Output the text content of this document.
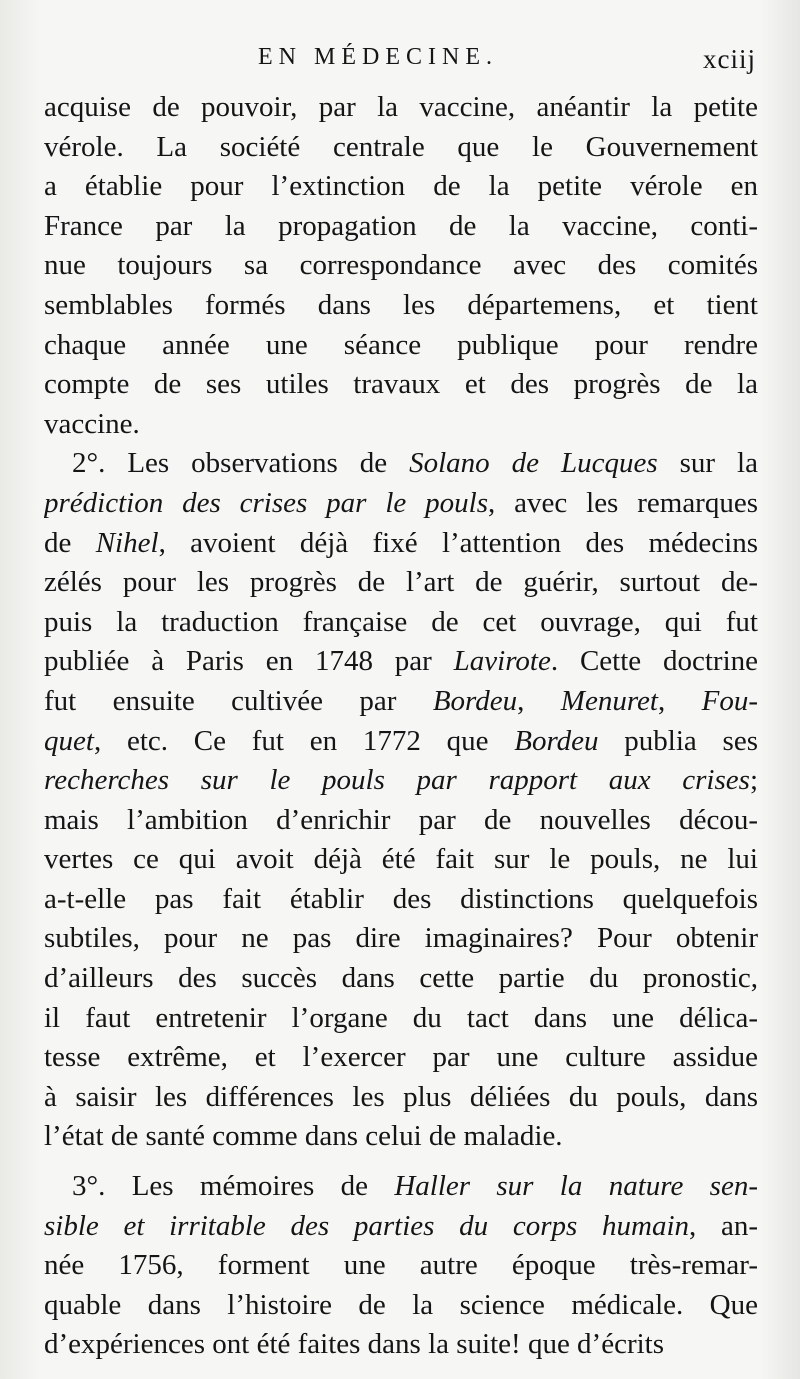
EN MÉDECINE.	xciij
acquise de pouvoir, par la vaccine, anéantir la petite
vérole. La société centrale que le Gouvernement
a établie pour l’extinction de la petite vérole en
France par la propagation de la vaccine, conti-
nue toujours sa correspondance avec des comités
semblables formés dans les départemens, et tient
chaque année une séance publique pour rendre
compte de ses utiles travaux et des progrès de la
vaccine.
2°. Les observations de Solano de Lucques sur la
prédiction des crises par le pouls, avec les remarques
de Nihel, avoient déjà fixé l’attention des médecins
zélés pour les progrès de l’art de guérir, surtout de-
puis la traduction française de cet ouvrage, qui fut
publiée à Paris en 1748 par Lavirote. Cette doctrine
fut ensuite cultivée par Bordeu, Menuret, Fou-
quet, etc. Ce fut en 1772 que Bordeu publia ses
recherches sur le pouls par rapport aux crises;
mais l’ambition d’enrichir par de nouvelles décou-
vertes ce qui avoit déjà été fait sur le pouls, ne lui
a-t-elle pas fait établir des distinctions quelquefois
subtiles, pour ne pas dire imaginaires? Pour obtenir
d’ailleurs des succès dans cette partie du pronostic,
il faut entretenir l’organe du tact dans une délica-
tesse extrême, et l’exercer par une culture assidue
à saisir les différences les plus déliées du pouls, dans
l’état de santé comme dans celui de maladie.
3°. Les mémoires de Haller sur la nature sen-
sible et irritable des parties du corps humain, an-
née 1756, forment une autre époque très-remar-
quable dans l’histoire de la science médicale. Que
d’expériences ont été faites dans la suite! que d’écrits
